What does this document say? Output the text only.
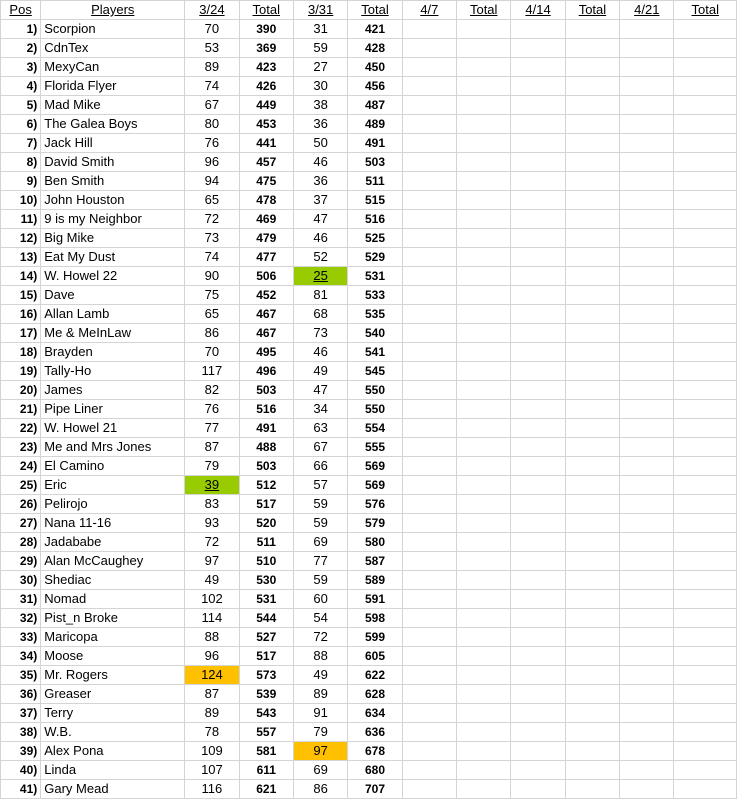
Pos	Players	3/24	Total	3/31	Total	4/7	Total	4/14	Total	4/21	Total
1)	Scorpion	70	390	31	421						
2)	CdnTex	53	369	59	428						
3)	MexyCan	89	423	27	450						
4)	Florida Flyer	74	426	30	456						
5)	Mad Mike	67	449	38	487						
6)	The Galea Boys	80	453	36	489						
7)	Jack Hill	76	441	50	491						
8)	David Smith	96	457	46	503						
9)	Ben Smith	94	475	36	511						
10)	John Houston	65	478	37	515						
11)	9 is my Neighbor	72	469	47	516						
12)	Big Mike	73	479	46	525						
13)	Eat My Dust	74	477	52	529						
14)	W. Howel 22	90	506	25	531						
15)	Dave	75	452	81	533						
16)	Allan Lamb	65	467	68	535						
17)	Me & MeInLaw	86	467	73	540						
18)	Brayden	70	495	46	541						
19)	Tally-Ho	117	496	49	545						
20)	James	82	503	47	550						
21)	Pipe Liner	76	516	34	550						
22)	W. Howel 21	77	491	63	554						
23)	Me and Mrs Jones	87	488	67	555						
24)	El Camino	79	503	66	569						
25)	Eric	39	512	57	569						
26)	Pelirojo	83	517	59	576						
27)	Nana 11-16	93	520	59	579						
28)	Jadababe	72	511	69	580						
29)	Alan McCaughey	97	510	77	587						
30)	Shediac	49	530	59	589						
31)	Nomad	102	531	60	591						
32)	Pist_n Broke	114	544	54	598						
33)	Maricopa	88	527	72	599						
34)	Moose	96	517	88	605						
35)	Mr. Rogers	124	573	49	622						
36)	Greaser	87	539	89	628						
37)	Terry	89	543	91	634						
38)	W.B.	78	557	79	636						
39)	Alex Pona	109	581	97	678						
40)	Linda	107	611	69	680						
41)	Gary Mead	116	621	86	707						
